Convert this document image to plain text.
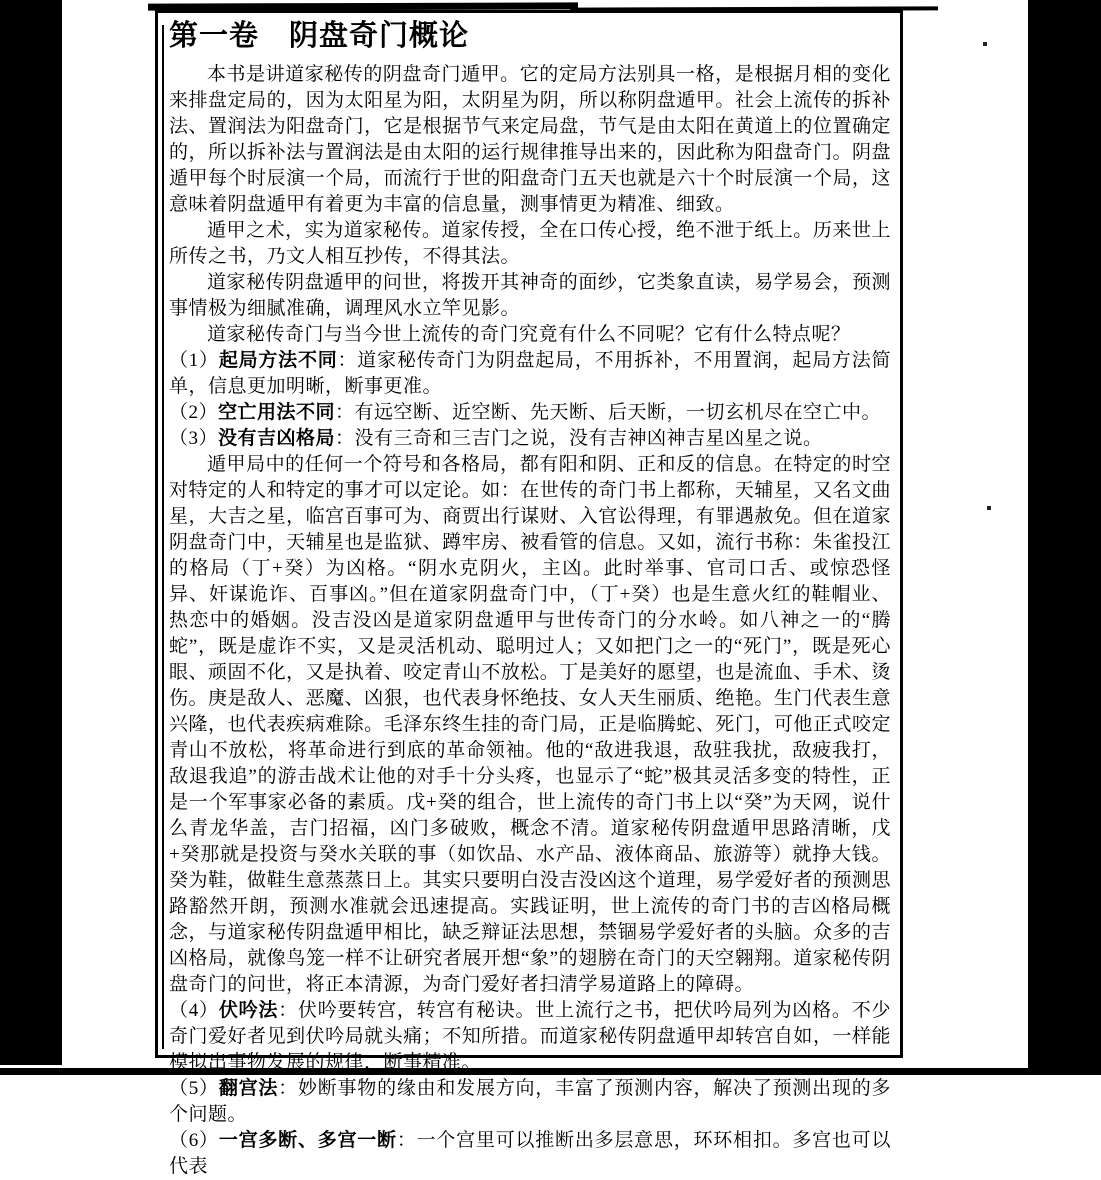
第一卷　阴盘奇门概论

本书是讲道家秘传的阴盘奇门遁甲。它的定局方法别具一格，是根据月相的变化来排盘定局的，因为太阳星为阳，太阴星为阴，所以称阴盘遁甲。社会上流传的拆补法、置润法为阳盘奇门，它是根据节气来定局盘，节气是由太阳在黄道上的位置确定的，所以拆补法与置润法是由太阳的运行规律推导出来的，因此称为阳盘奇门。阴盘遁甲每个时辰演一个局，而流行于世的阳盘奇门五天也就是六十个时辰演一个局，这意味着阴盘遁甲有着更为丰富的信息量，测事情更为精准、细致。

遁甲之术，实为道家秘传。道家传授，全在口传心授，绝不泄于纸上。历来世上所传之书，乃文人相互抄传，不得其法。

道家秘传阴盘遁甲的问世，将拨开其神奇的面纱，它类象直读，易学易会，预测事情极为细腻准确，调理风水立竿见影。

道家秘传奇门与当今世上流传的奇门究竟有什么不同呢？它有什么特点呢？

（1）起局方法不同：道家秘传奇门为阴盘起局，不用拆补，不用置润，起局方法简单，信息更加明晰，断事更准。

（2）空亡用法不同：有远空断、近空断、先天断、后天断，一切玄机尽在空亡中。

（3）没有吉凶格局：没有三奇和三吉门之说，没有吉神凶神吉星凶星之说。

遁甲局中的任何一个符号和各格局，都有阳和阴、正和反的信息。在特定的时空对特定的人和特定的事才可以定论。如：在世传的奇门书上都称，天辅星，又名文曲星，大吉之星，临宫百事可为、商贾出行谋财、入官讼得理，有罪遇赦免。但在道家阴盘奇门中，天辅星也是监狱、蹲牢房、被看管的信息。又如，流行书称：朱雀投江的格局（丁+癸）为凶格。“阴水克阴火，主凶。此时举事、官司口舌、或惊恐怪异、奸谋诡诈、百事凶。”但在道家阴盘奇门中，（丁+癸）也是生意火红的鞋帽业、热恋中的婚姻。没吉没凶是道家阴盘遁甲与世传奇门的分水岭。如八神之一的“腾蛇”，既是虚诈不实，又是灵活机动、聪明过人；又如把门之一的“死门”，既是死心眼、顽固不化，又是执着、咬定青山不放松。丁是美好的愿望，也是流血、手术、烫伤。庚是敌人、恶魔、凶狠，也代表身怀绝技、女人天生丽质、绝艳。生门代表生意兴隆，也代表疾病难除。毛泽东终生挂的奇门局，正是临腾蛇、死门，可他正式咬定青山不放松，将革命进行到底的革命领袖。他的“敌进我退，敌驻我扰，敌疲我打，敌退我追”的游击战术让他的对手十分头疼，也显示了“蛇”极其灵活多变的特性，正是一个军事家必备的素质。戊+癸的组合，世上流传的奇门书上以“癸”为天网，说什么青龙华盖，吉门招福，凶门多破败，概念不清。道家秘传阴盘遁甲思路清晰，戊+癸那就是投资与癸水关联的事（如饮品、水产品、液体商品、旅游等）就挣大钱。癸为鞋，做鞋生意蒸蒸日上。其实只要明白没吉没凶这个道理，易学爱好者的预测思路豁然开朗，预测水准就会迅速提高。实践证明，世上流传的奇门书的吉凶格局概念，与道家秘传阴盘遁甲相比，缺乏辩证法思想，禁锢易学爱好者的头脑。众多的吉凶格局，就像鸟笼一样不让研究者展开想“象”的翅膀在奇门的天空翱翔。道家秘传阴盘奇门的问世，将正本清源，为奇门爱好者扫清学易道路上的障碍。

（4）伏吟法：伏吟要转宫，转宫有秘诀。世上流行之书，把伏吟局列为凶格。不少奇门爱好者见到伏吟局就头痛；不知所措。而道家秘传阴盘遁甲却转宫自如，一样能模拟出事物发展的规律，断事精准。

（5）翻宫法：妙断事物的缘由和发展方向，丰富了预测内容，解决了预测出现的多个问题。

（6）一宫多断、多宫一断：一个宫里可以推断出多层意思，环环相扣。多宫也可以代表
